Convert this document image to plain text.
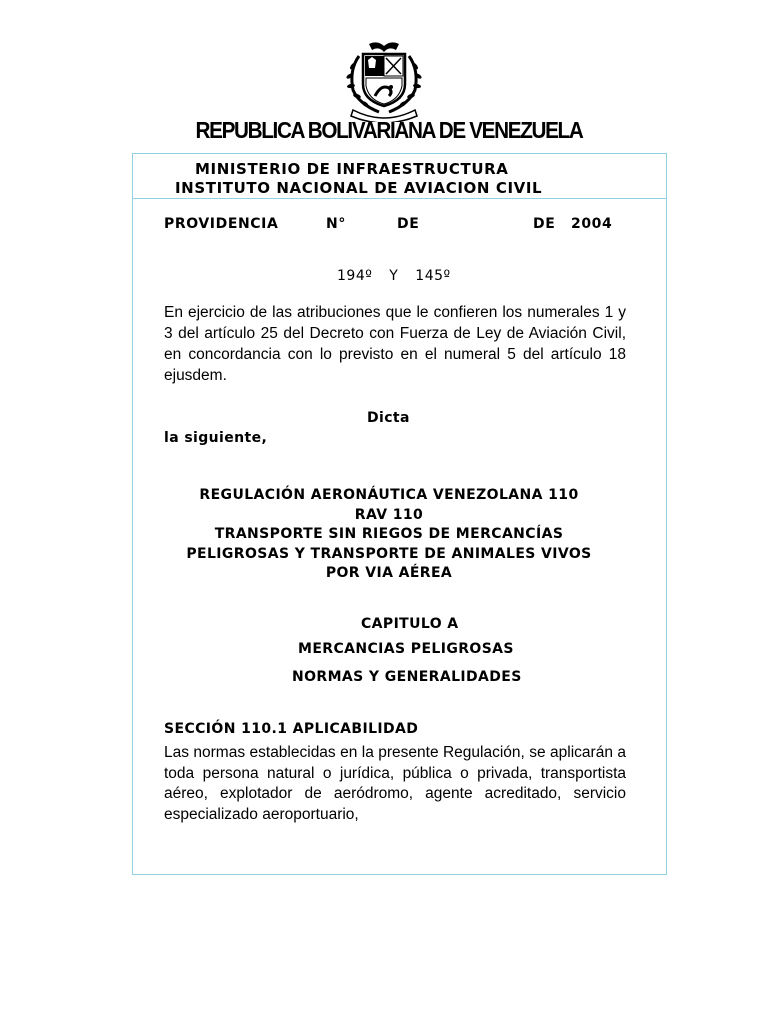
REPUBLICA BOLIVARIANA DE VENEZUELA
MINISTERIO DE INFRAESTRUCTURA
INSTITUTO NACIONAL DE AVIACION CIVIL
PROVIDENCIA	N°	DE	DE 2004
194º Y 145º
En ejercicio de las atribuciones que le confieren los numerales 1 y 3 del artículo 25 del Decreto con Fuerza de Ley de Aviación Civil, en concordancia con lo previsto en el numeral 5 del artículo 18 ejusdem.
Dicta
la siguiente,
REGULACIÓN AERONÁUTICA VENEZOLANA 110
RAV 110
TRANSPORTE SIN RIEGOS DE MERCANCÍAS
PELIGROSAS Y TRANSPORTE DE ANIMALES VIVOS
POR VIA AÉREA
CAPITULO A
MERCANCIAS PELIGROSAS
NORMAS Y GENERALIDADES
SECCIÓN 110.1 APLICABILIDAD
Las normas establecidas en la presente Regulación, se aplicarán a toda persona natural o jurídica, pública o privada, transportista aéreo, explotador de aeródromo, agente acreditado, servicio especializado aeroportuario,
